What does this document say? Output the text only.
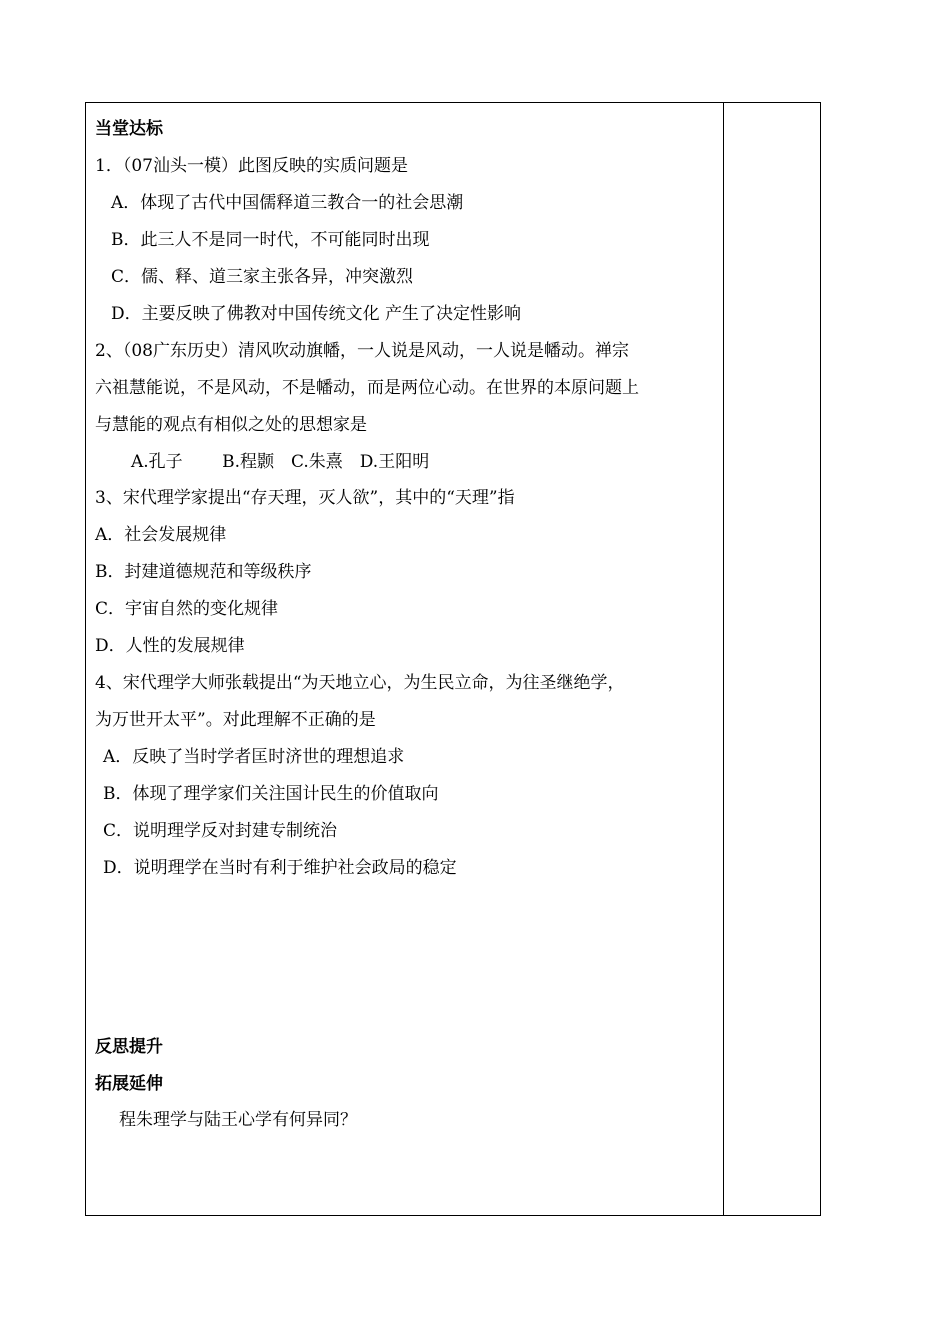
当堂达标
1．（07汕头一模）此图反映的实质问题是
A．体现了古代中国儒释道三教合一的社会思潮
B．此三人不是同一时代，不可能同时出现
C．儒、释、道三家主张各异，冲突激烈
D．主要反映了佛教对中国传统文化 产生了决定性影响
2、（08广东历史）清风吹动旗幡，一人说是风动，一人说是幡动。禅宗
六祖慧能说，不是风动，不是幡动，而是两位心动。在世界的本原问题上
与慧能的观点有相似之处的思想家是
A.孔子　　 B.程颢　C.朱熹　D.王阳明
3、宋代理学家提出“存天理，灭人欲”，其中的“天理”指
A．社会发展规律
B．封建道德规范和等级秩序
C．宇宙自然的变化规律
D．人性的发展规律
4、宋代理学大师张载提出“为天地立心，为生民立命，为往圣继绝学，
为万世开太平”。对此理解不正确的是
A．反映了当时学者匡时济世的理想追求
B．体现了理学家们关注国计民生的价值取向
C．说明理学反对封建专制统治
D．说明理学在当时有利于维护社会政局的稳定
反思提升
拓展延伸
程朱理学与陆王心学有何异同？
